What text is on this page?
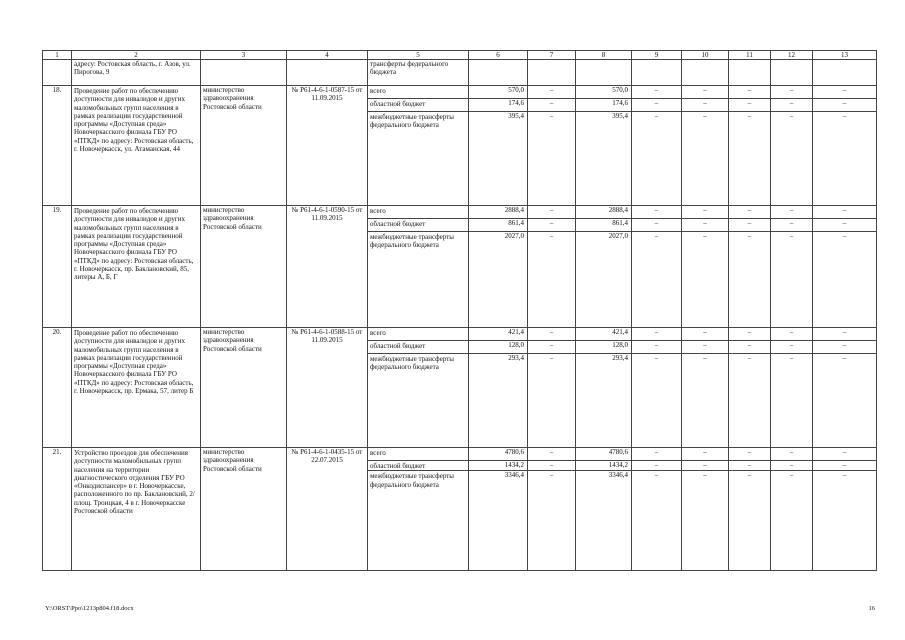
1	2	3	4	5	6	7	8	9	10	11	12	13
	адресу: Ростовская область, г. Азов, ул. Пирогова, 9			трансферты федерального бюджета								
18.	Проведение работ по обеспечению доступности для инвалидов и других маломобильных групп населения в рамках реализации государственной программы «Доступная среда» Новочеркасского филиала ГБУ РО «ПТКД» по адресу: Ростовская область, г. Новочеркасск, ул. Атаманская, 44	министерство здравоохранения Ростовской области	№ Р61-4-6-1-0587-15 от 11.09.2015	всего	570,0	–	570,0	–	–	–	–	–
				областной бюджет	174,6	–	174,6	–	–	–	–	–
				межбюджетные трансферты федерального бюджета	395,4	–	395,4	–	–	–	–	–
19.	Проведение работ по обеспечению доступности для инвалидов и других маломобильных групп населения в рамках реализации государственной программы «Доступная среда» Новочеркасского филиала ГБУ РО «ПТКД» по адресу: Ростовская область, г. Новочеркасск, пр. Баклановский, 85, литеры А, Б, Г	министерство здравоохранения Ростовской области	№ Р61-4-6-1-0590-15 от 11.09.2015	всего	2888,4	–	2888,4	–	–	–	–	–
				областной бюджет	861,4	–	861,4	–	–	–	–	–
				межбюджетные трансферты федерального бюджета	2027,0	–	2027,0	–	–	–	–	–
20.	Проведение работ по обеспечению доступности для инвалидов и других маломобильных групп населения в рамках реализации государственной программы «Доступная среда» Новочеркасского филиала ГБУ РО «ПТКД» по адресу: Ростовская область, г. Новочеркасск, пр. Ермака, 57, литер Б	министерство здравоохранения Ростовской области	№ Р61-4-6-1-0588-15 от 11.09.2015	всего	421,4	–	421,4	–	–	–	–	–
				областной бюджет	128,0	–	128,0	–	–	–	–	–
				межбюджетные трансферты федерального бюджета	293,4	–	293,4	–	–	–	–	–
21.	Устройство проездов для обеспечения доступности маломобильных групп населения на территории диагностического отделения ГБУ РО «Онкодиспансер» в г. Новочеркасске, расположенного по пр. Баклановский, 2/ площ. Троицкая, 4 в г. Новочеркасске Ростовской области	министерство здравоохранения Ростовской области	№ Р61-4-6-1-0435-15 от 22.07.2015	всего	4780,6	–	4780,6	–	–	–	–	–
				областной бюджет	1434,2	–	1434,2	–	–	–	–	–
				межбюджетные трансферты федерального бюджета	3346,4	–	3346,4	–	–	–	–	–
Y:\ORST\Ppo\1213p804.f18.docx	16
